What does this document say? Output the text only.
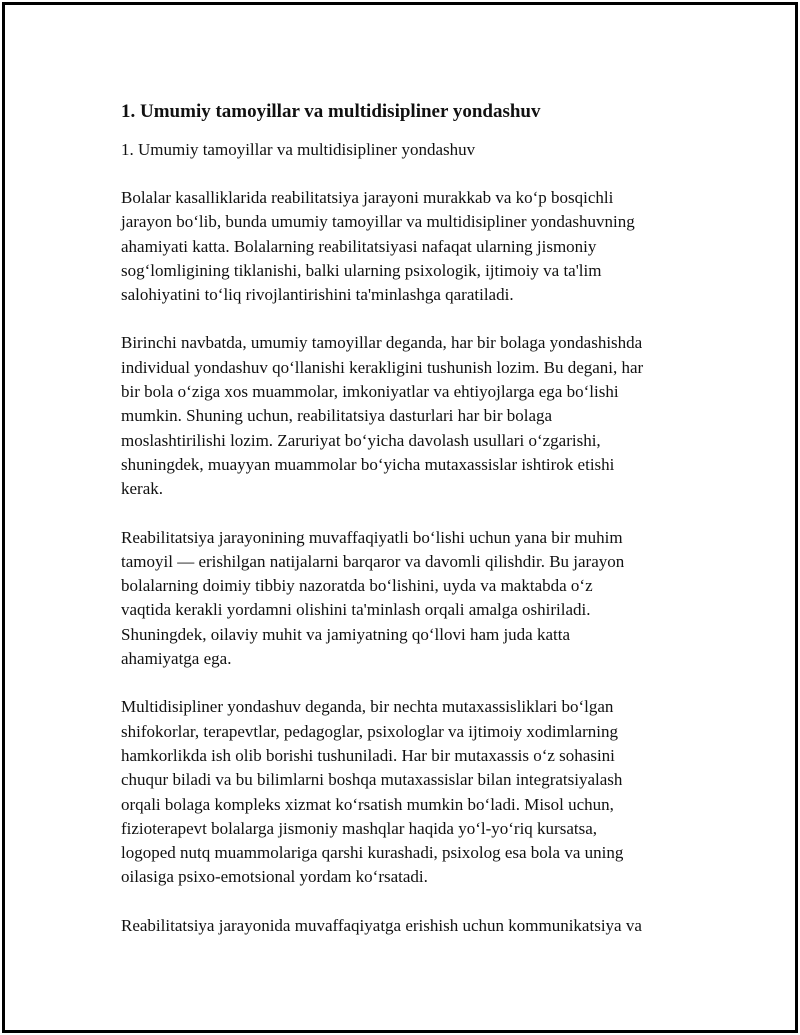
1. Umumiy tamoyillar va multidisipliner yondashuv
1. Umumiy tamoyillar va multidisipliner yondashuv

Bolalar kasalliklarida reabilitatsiya jarayoni murakkab va ko‘p bosqichli
jarayon bo‘lib, bunda umumiy tamoyillar va multidisipliner yondashuvning
ahamiyati katta. Bolalarning reabilitatsiyasi nafaqat ularning jismoniy
sog‘lomligining tiklanishi, balki ularning psixologik, ijtimoiy va ta'lim
salohiyatini to‘liq rivojlantirishini ta'minlashga qaratiladi.

Birinchi navbatda, umumiy tamoyillar deganda, har bir bolaga yondashishda
individual yondashuv qo‘llanishi kerakligini tushunish lozim. Bu degani, har
bir bola o‘ziga xos muammolar, imkoniyatlar va ehtiyojlarga ega bo‘lishi
mumkin. Shuning uchun, reabilitatsiya dasturlari har bir bolaga
moslashtirilishi lozim. Zaruriyat bo‘yicha davolash usullari o‘zgarishi,
shuningdek, muayyan muammolar bo‘yicha mutaxassislar ishtirok etishi
kerak.

Reabilitatsiya jarayonining muvaffaqiyatli bo‘lishi uchun yana bir muhim
tamoyil — erishilgan natijalarni barqaror va davomli qilishdir. Bu jarayon
bolalarning doimiy tibbiy nazoratda bo‘lishini, uyda va maktabda o‘z
vaqtida kerakli yordamni olishini ta'minlash orqali amalga oshiriladi.
Shuningdek, oilaviy muhit va jamiyatning qo‘llovi ham juda katta
ahamiyatga ega.

Multidisipliner yondashuv deganda, bir nechta mutaxassisliklari bo‘lgan
shifokorlar, terapevtlar, pedagoglar, psixologlar va ijtimoiy xodimlarning
hamkorlikda ish olib borishi tushuniladi. Har bir mutaxassis o‘z sohasini
chuqur biladi va bu bilimlarni boshqa mutaxassislar bilan integratsiyalash
orqali bolaga kompleks xizmat ko‘rsatish mumkin bo‘ladi. Misol uchun,
fizioterapevt bolalarga jismoniy mashqlar haqida yo‘l-yo‘riq kursatsa,
logoped nutq muammolariga qarshi kurashadi, psixolog esa bola va uning
oilasiga psixo-emotsional yordam ko‘rsatadi.

Reabilitatsiya jarayonida muvaffaqiyatga erishish uchun kommunikatsiya va
